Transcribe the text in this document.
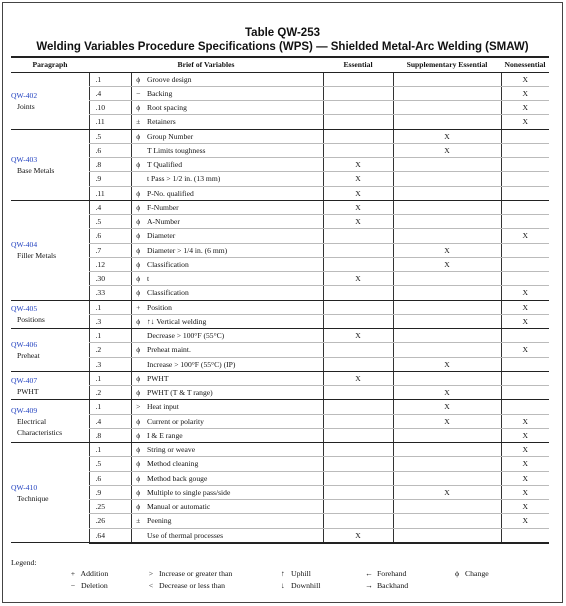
Table QW-253
Welding Variables Procedure Specifications (WPS) — Shielded Metal-Arc Welding (SMAW)
Paragraph	Brief of Variables			Essential	Supplementary Essential	Nonessential

QW-402
Joints	.1	ϕ	Groove design			X
	.4	−	Backing			X
	.10	ϕ	Root spacing			X
	.11	±	Retainers			X

QW-403
Base Metals	.5	ϕ	Group Number		X	
	.6		T Limits toughness		X	
	.8	ϕ	T Qualified	X		
	.9		t Pass > 1/2 in. (13 mm)	X		
	.11	ϕ	P-No. qualified	X		

QW-404
Filler Metals	.4	ϕ	F-Number	X		
	.5	ϕ	A-Number	X		
	.6	ϕ	Diameter			X
	.7	ϕ	Diameter > 1/4 in. (6 mm)		X	
	.12	ϕ	Classification		X	
	.30	ϕ	t	X		
	.33	ϕ	Classification			X

QW-405
Positions	.1	+	Position			X
	.3	ϕ	↑↓ Vertical welding			X

QW-406
Preheat	.1		Decrease > 100°F (55°C)	X		
	.2	ϕ	Preheat maint.			X
	.3		Increase > 100°F (55°C) (IP)		X	

QW-407
PWHT	.1	ϕ	PWHT	X		
	.2	ϕ	PWHT (T & T range)		X	

QW-409
Electrical Characteristics	.1	>	Heat input		X	
	.4	ϕ	Current or polarity		X	X
	.8	ϕ	I & E range			X

QW-410
Technique	.1	ϕ	String or weave			X
	.5	ϕ	Method cleaning			X
	.6	ϕ	Method back gouge			X
	.9	ϕ	Multiple to single pass/side		X	X
	.25	ϕ	Manual or automatic			X
	.26	±	Peening			X
	.64		Use of thermal processes	X		
Legend:
+ Addition
− Deletion
> Increase or greater than
< Decrease or less than
↑ Uphill
↓ Downhill
← Forehand
→ Backhand
ϕ Change
